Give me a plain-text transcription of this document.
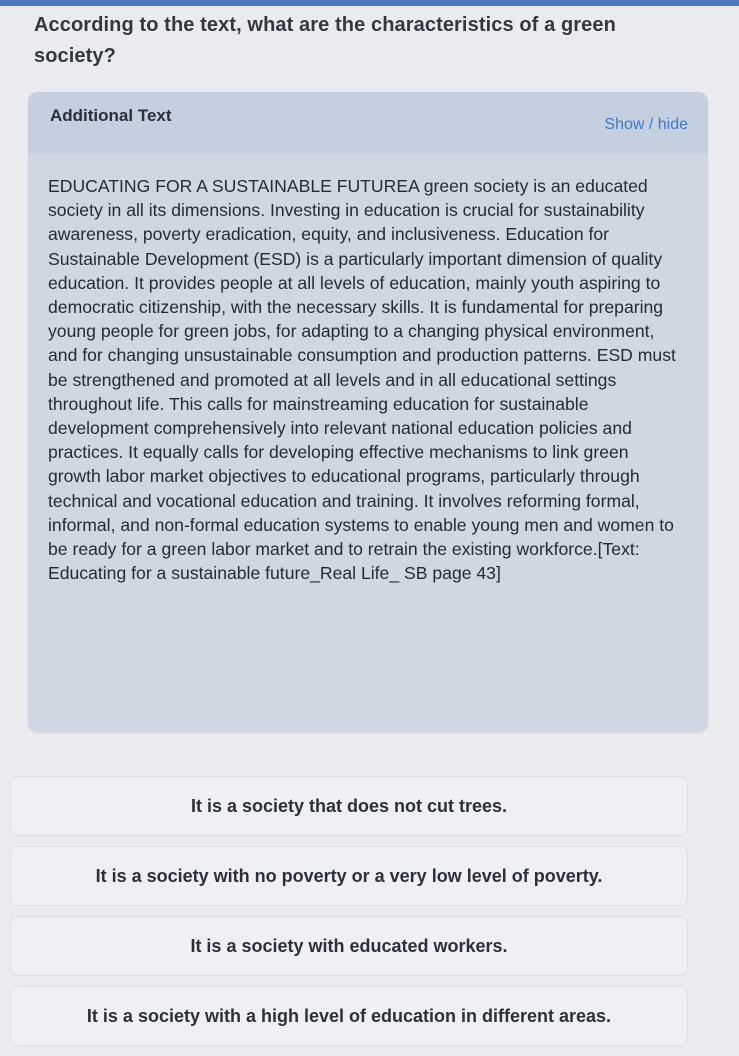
According to the text, what are the characteristics of a green society?
Additional Text	Show / hide
EDUCATING FOR A SUSTAINABLE FUTUREA green society is an educated society in all its dimensions. Investing in education is crucial for sustainability awareness, poverty eradication, equity, and inclusiveness. Education for Sustainable Development (ESD) is a particularly important dimension of quality education. It provides people at all levels of education, mainly youth aspiring to democratic citizenship, with the necessary skills. It is fundamental for preparing young people for green jobs, for adapting to a changing physical environment, and for changing unsustainable consumption and production patterns. ESD must be strengthened and promoted at all levels and in all educational settings throughout life. This calls for mainstreaming education for sustainable development comprehensively into relevant national education policies and practices. It equally calls for developing effective mechanisms to link green growth labor market objectives to educational programs, particularly through technical and vocational education and training. It involves reforming formal, informal, and non-formal education systems to enable young men and women to be ready for a green labor market and to retrain the existing workforce.[Text: Educating for a sustainable future_Real Life_ SB page 43]
It is a society that does not cut trees.
It is a society with no poverty or a very low level of poverty.
It is a society with educated workers.
It is a society with a high level of education in different areas.
